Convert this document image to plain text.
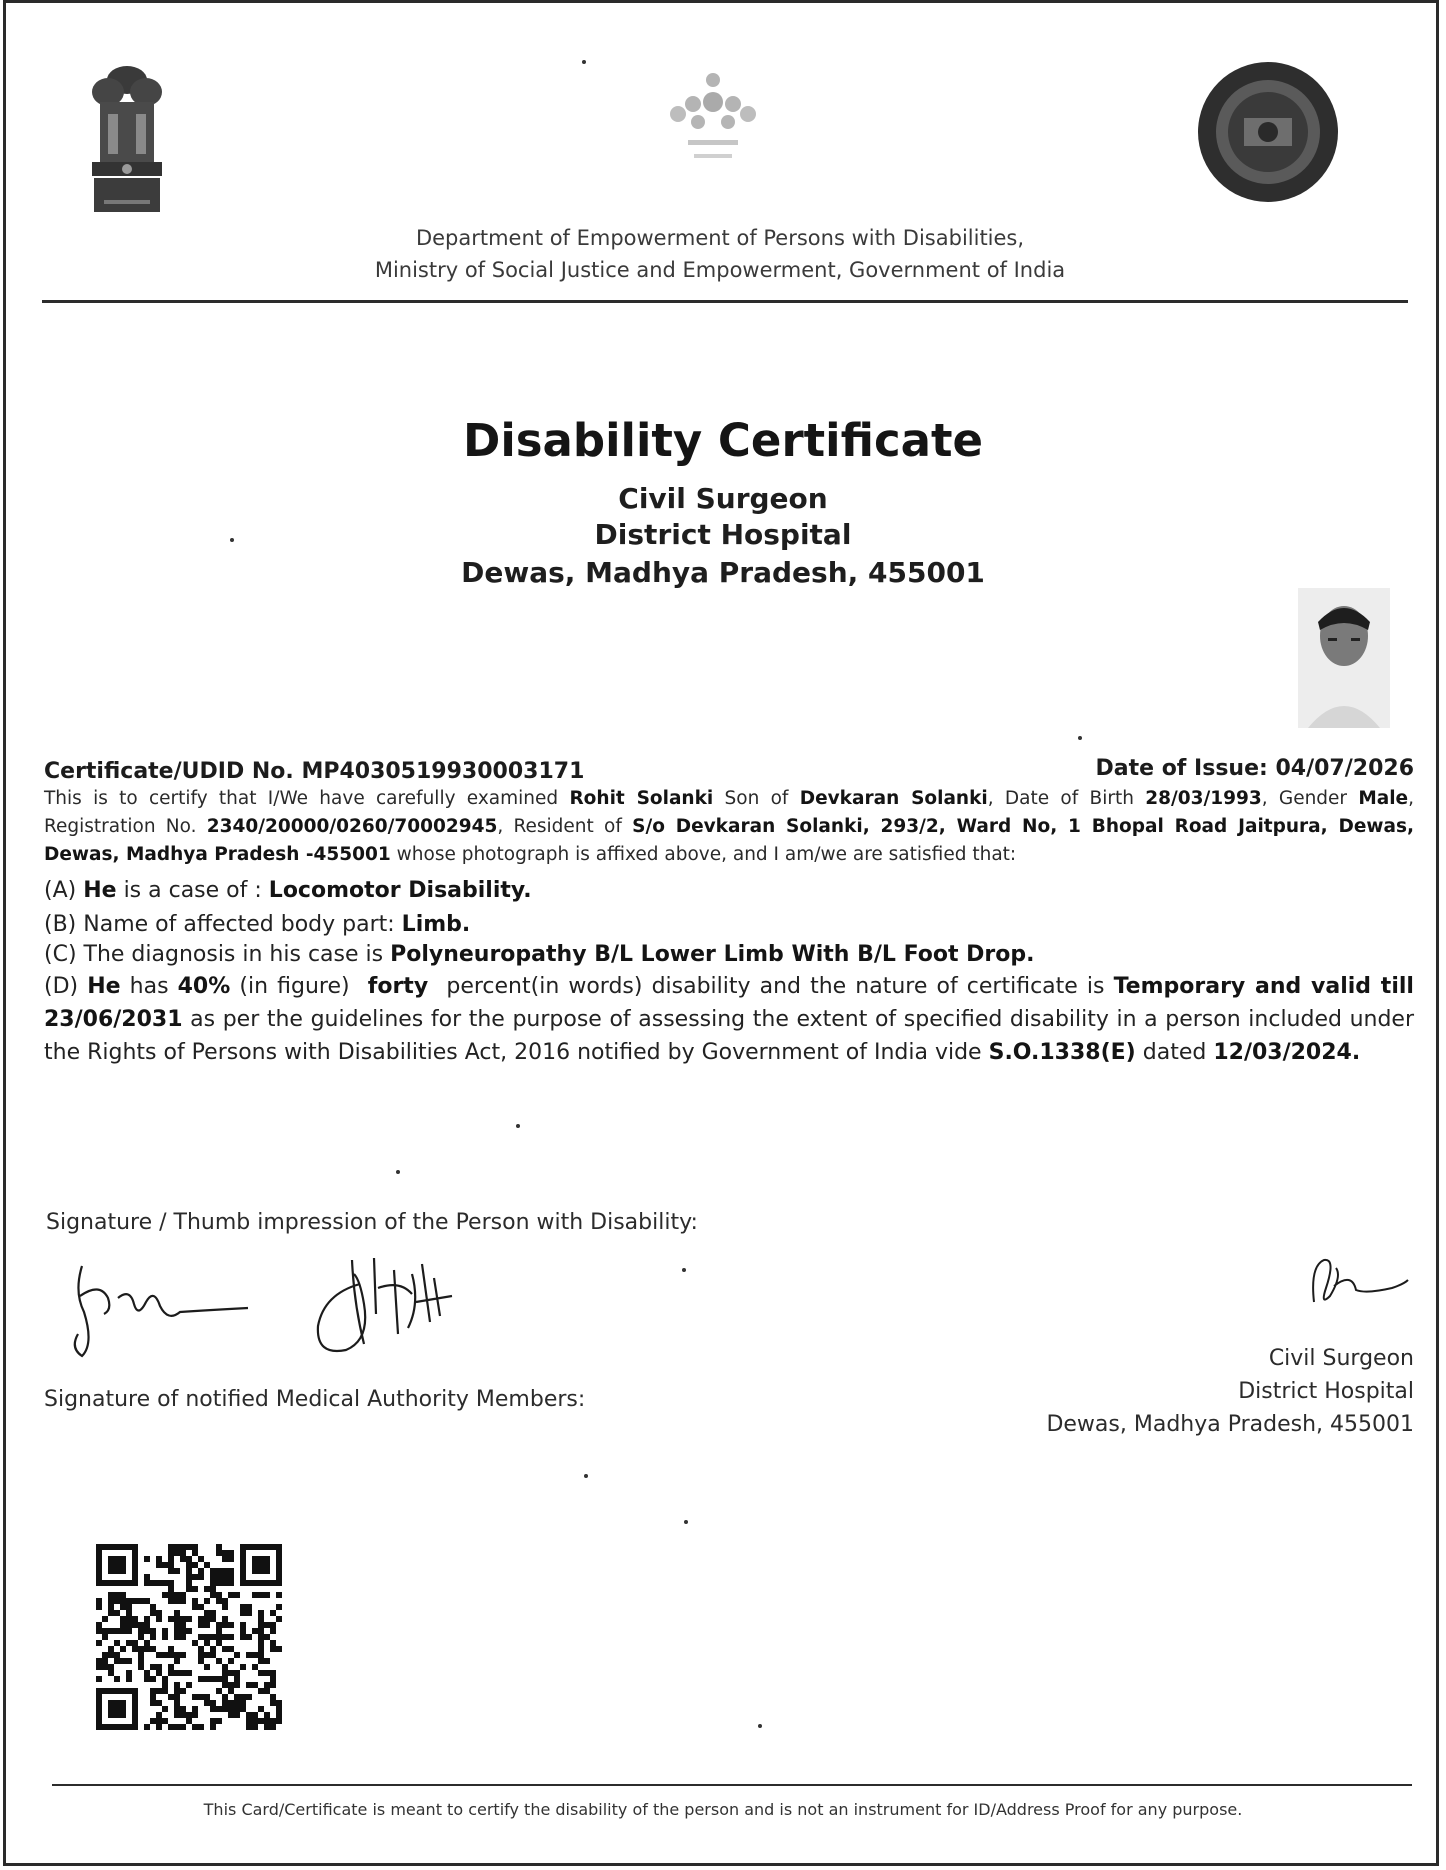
Department of Empowerment of Persons with Disabilities,
Ministry of Social Justice and Empowerment, Government of India
Disability Certificate
Civil Surgeon
District Hospital
Dewas, Madhya Pradesh, 455001
Certificate/UDID No. MP4030519930003171	Date of Issue: 04/07/2026
This is to certify that I/We have carefully examined Rohit Solanki Son of Devkaran Solanki, Date of Birth 28/03/1993, Gender Male, Registration No. 2340/20000/0260/70002945, Resident of S/o Devkaran Solanki, 293/2, Ward No, 1 Bhopal Road Jaitpura, Dewas, Dewas, Madhya Pradesh -455001 whose photograph is affixed above, and I am/we are satisfied that:
(A) He is a case of : Locomotor Disability.
(B) Name of affected body part: Limb.
(C) The diagnosis in his case is Polyneuropathy B/L Lower Limb With B/L Foot Drop.
(D) He has 40% (in figure) forty percent(in words) disability and the nature of certificate is Temporary and valid till 23/06/2031 as per the guidelines for the purpose of assessing the extent of specified disability in a person included under the Rights of Persons with Disabilities Act, 2016 notified by Government of India vide S.O.1338(E) dated 12/03/2024.
Signature / Thumb impression of the Person with Disability:
Signature of notified Medical Authority Members:
Civil Surgeon
District Hospital
Dewas, Madhya Pradesh, 455001
This Card/Certificate is meant to certify the disability of the person and is not an instrument for ID/Address Proof for any purpose.
